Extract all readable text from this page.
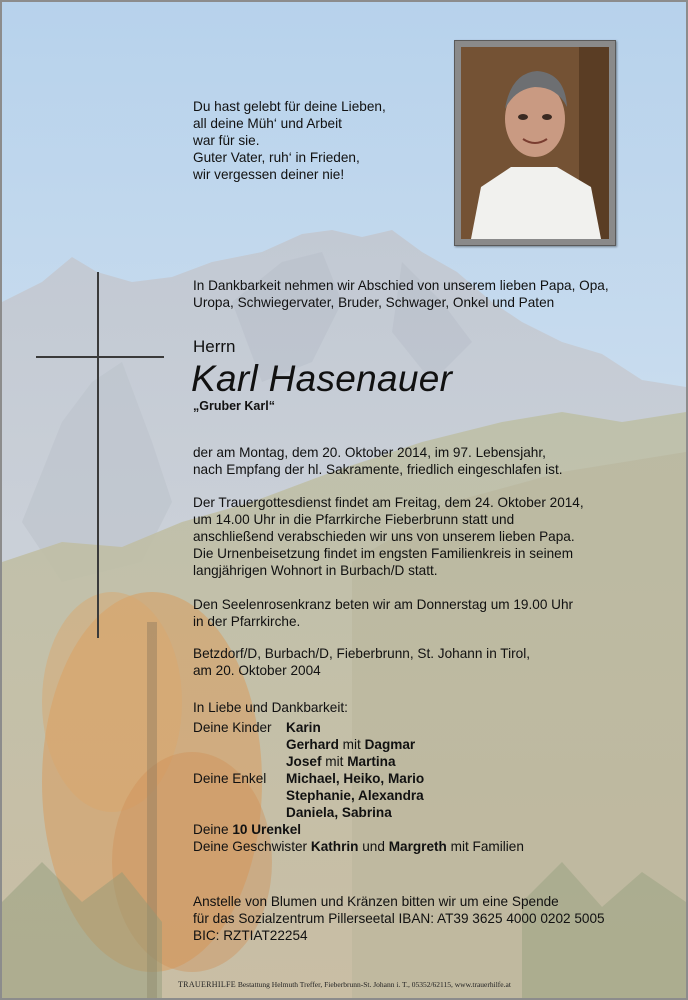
Du hast gelebt für deine Lieben,
all deine Müh‘ und Arbeit
war für sie.
Guter Vater, ruh‘ in Frieden,
wir vergessen deiner nie!
In Dankbarkeit nehmen wir Abschied von unserem lieben Papa, Opa,
Uropa, Schwiegervater, Bruder, Schwager, Onkel und Paten
Herrn
Karl Hasenauer
„Gruber Karl“
der am Montag, dem 20. Oktober 2014, im 97. Lebensjahr,
nach Empfang der hl. Sakramente, friedlich eingeschlafen ist.
Der Trauergottesdienst findet am Freitag, dem 24. Oktober 2014,
um 14.00 Uhr in die Pfarrkirche Fieberbrunn statt und
anschließend verabschieden wir uns von unserem lieben Papa.
Die Urnenbeisetzung findet im engsten Familienkreis in seinem
langjährigen Wohnort in Burbach/D statt.
Den Seelenrosenkranz beten wir am Donnerstag um 19.00 Uhr
in der Pfarrkirche.
Betzdorf/D, Burbach/D, Fieberbrunn, St. Johann in Tirol,
am 20. Oktober 2004
In Liebe und Dankbarkeit:
Deine Kinder Karin
Gerhard mit Dagmar
Josef mit Martina
Deine Enkel Michael, Heiko, Mario
Stephanie, Alexandra
Daniela, Sabrina
Deine 10 Urenkel
Deine Geschwister Kathrin und Margreth mit Familien
Anstelle von Blumen und Kränzen bitten wir um eine Spende
für das Sozialzentrum Pillerseetal IBAN: AT39 3625 4000 0202 5005
BIC: RZTIAT22254
TRAUERHILFE Bestattung Helmuth Treffer, Fieberbrunn-St. Johann i. T., 05352/62115, www.trauerhilfe.at
